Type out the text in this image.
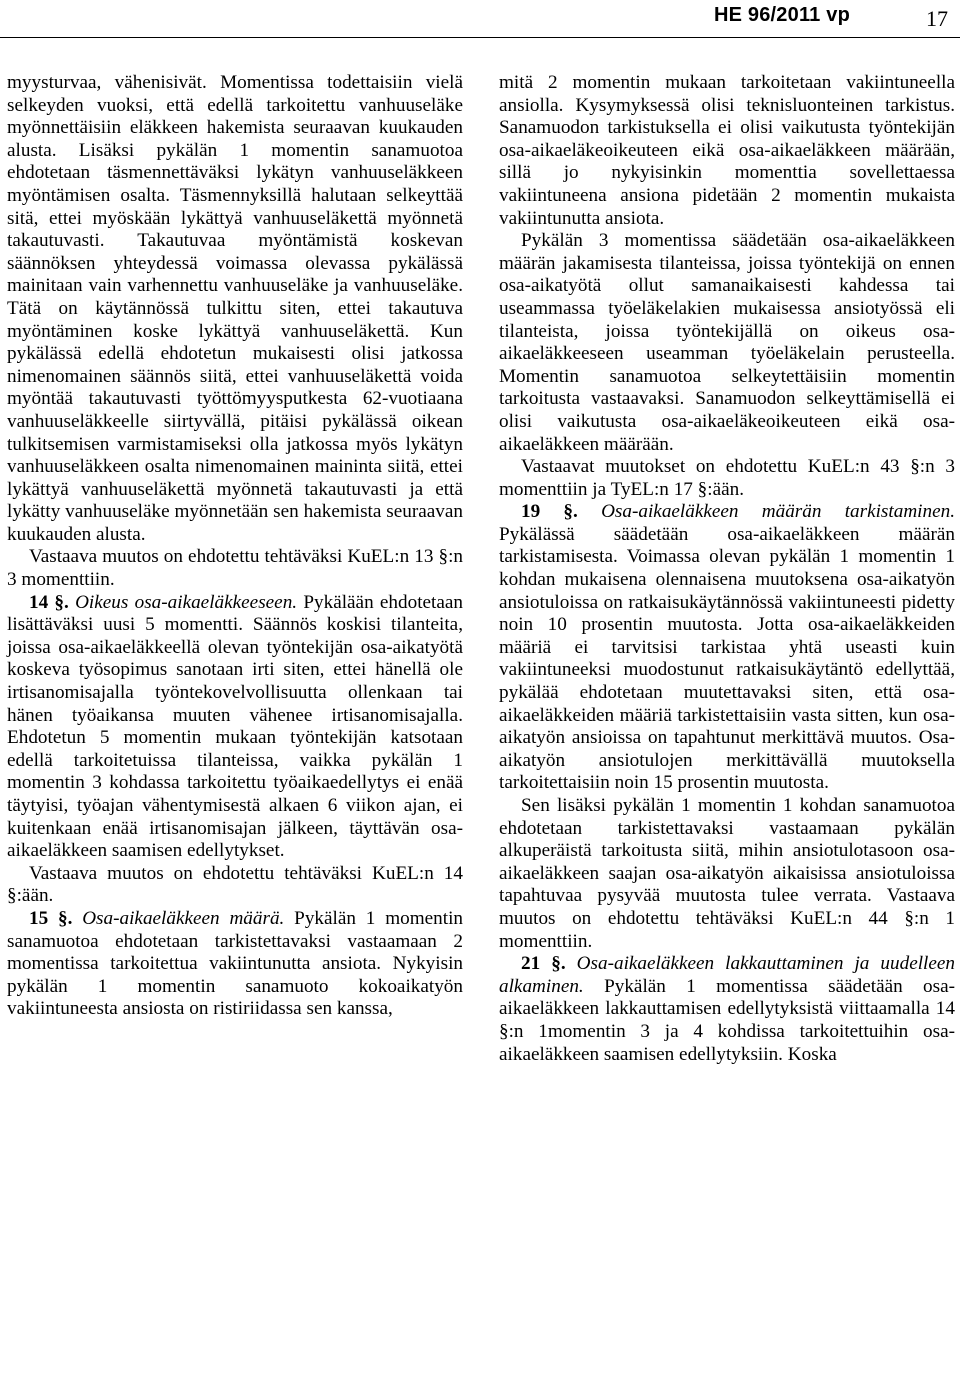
HE 96/2011 vp	17

myysturvaa, vähenisivät. Momentissa todettaisiin vielä selkeyden vuoksi, että edellä tarkoitettu vanhuuseläke myönnettäisiin eläkkeen hakemista seuraavan kuukauden alusta. Lisäksi pykälän 1 momentin sanamuotoa ehdotetaan täsmennettäväksi lykätyn vanhuuseläkkeen myöntämisen osalta. Täsmennyksillä halutaan selkeyttää sitä, ettei myöskään lykättyä vanhuuseläkettä myönnetä takautuvasti. Takautuvaa myöntämistä koskevan säännöksen yhteydessä voimassa olevassa pykälässä mainitaan vain varhennettu vanhuuseläke ja vanhuuseläke. Tätä on käytännössä tulkittu siten, ettei takautuva myöntäminen koske lykättyä vanhuuseläkettä. Kun pykälässä edellä ehdotetun mukaisesti olisi jatkossa nimenomainen säännös siitä, ettei vanhuuseläkettä voida myöntää takautuvasti työttömyysputkesta 62-vuotiaana vanhuuseläkkeelle siirtyvällä, pitäisi pykälässä oikean tulkitsemisen varmistamiseksi olla jatkossa myös lykätyn vanhuuseläkkeen osalta nimenomainen maininta siitä, ettei lykättyä vanhuuseläkettä myönnetä takautuvasti ja että lykätty vanhuuseläke myönnetään sen hakemista seuraavan kuukauden alusta.

Vastaava muutos on ehdotettu tehtäväksi KuEL:n 13 §:n 3 momenttiin.

14 §. Oikeus osa-aikaeläkkeeseen. Pykälään ehdotetaan lisättäväksi uusi 5 momentti. Säännös koskisi tilanteita, joissa osa-aikaeläkkeellä olevan työntekijän osa-aikatyötä koskeva työsopimus sanotaan irti siten, ettei hänellä ole irtisanomisajalla työntekovelvollisuutta ollenkaan tai hänen työaikansa muuten vähenee irtisanomisajalla. Ehdotetun 5 momentin mukaan työntekijän katsotaan edellä tarkoitetuissa tilanteissa, vaikka pykälän 1 momentin 3 kohdassa tarkoitettu työaikaedellytys ei enää täytyisi, työajan vähentymisestä alkaen 6 viikon ajan, ei kuitenkaan enää irtisanomisajan jälkeen, täyttävän osa-aikaeläkkeen saamisen edellytykset.

Vastaava muutos on ehdotettu tehtäväksi KuEL:n 14 §:ään.

15 §. Osa-aikaeläkkeen määrä. Pykälän 1 momentin sanamuotoa ehdotetaan tarkistettavaksi vastaamaan 2 momentissa tarkoitettua vakiintunutta ansiota. Nykyisin pykälän 1 momentin sanamuoto kokoaikatyön vakiintuneesta ansiosta on ristiriidassa sen kanssa,

mitä 2 momentin mukaan tarkoitetaan vakiintuneella ansiolla. Kysymyksessä olisi teknisluonteinen tarkistus. Sanamuodon tarkistuksella ei olisi vaikutusta työntekijän osa-aikaeläkeoikeuteen eikä osa-aikaeläkkeen määrään, sillä jo nykyisinkin momenttia sovellettaessa vakiintuneena ansiona pidetään 2 momentin mukaista vakiintunutta ansiota.

Pykälän 3 momentissa säädetään osa-aikaeläkkeen määrän jakamisesta tilanteissa, joissa työntekijä on ennen osa-aikatyötä ollut samanaikaisesti kahdessa tai useammassa työeläkelakien mukaisessa ansiotyössä eli tilanteista, joissa työntekijällä on oikeus osa-aikaeläkkeeseen useamman työeläkelain perusteella. Momentin sanamuotoa selkeytettäisiin momentin tarkoitusta vastaavaksi. Sanamuodon selkeyttämisellä ei olisi vaikutusta osa-aikaeläkeoikeuteen eikä osa-aikaeläkkeen määrään.

Vastaavat muutokset on ehdotettu KuEL:n 43 §:n 3 momenttiin ja TyEL:n 17 §:ään.

19 §. Osa-aikaeläkkeen määrän tarkistaminen. Pykälässä säädetään osa-aikaeläkkeen määrän tarkistamisesta. Voimassa olevan pykälän 1 momentin 1 kohdan mukaisena olennaisena muutoksena osa-aikatyön ansiotuloissa on ratkaisukäytännössä vakiintuneesti pidetty noin 10 prosentin muutosta. Jotta osa-aikaeläkkeiden määriä ei tarvitsisi tarkistaa yhtä useasti kuin vakiintuneeksi muodostunut ratkaisukäytäntö edellyttää, pykälää ehdotetaan muutettavaksi siten, että osa-aikaeläkkeiden määriä tarkistettaisiin vasta sitten, kun osa-aikatyön ansioissa on tapahtunut merkittävä muutos. Osa-aikatyön ansiotulojen merkittävällä muutoksella tarkoitettaisiin noin 15 prosentin muutosta.

Sen lisäksi pykälän 1 momentin 1 kohdan sanamuotoa ehdotetaan tarkistettavaksi vastaamaan pykälän alkuperäistä tarkoitusta siitä, mihin ansiotulotasoon osa-aikaeläkkeen saajan osa-aikatyön aikaisissa ansiotuloissa tapahtuvaa pysyvää muutosta tulee verrata. Vastaava muutos on ehdotettu tehtäväksi KuEL:n 44 §:n 1 momenttiin.

21 §. Osa-aikaeläkkeen lakkauttaminen ja uudelleen alkaminen. Pykälän 1 momentissa säädetään osa-aikaeläkkeen lakkauttamisen edellytyksistä viittaamalla 14 §:n 1momentin 3 ja 4 kohdissa tarkoitettuihin osa-aikaeläkkeen saamisen edellytyksiin. Koska
